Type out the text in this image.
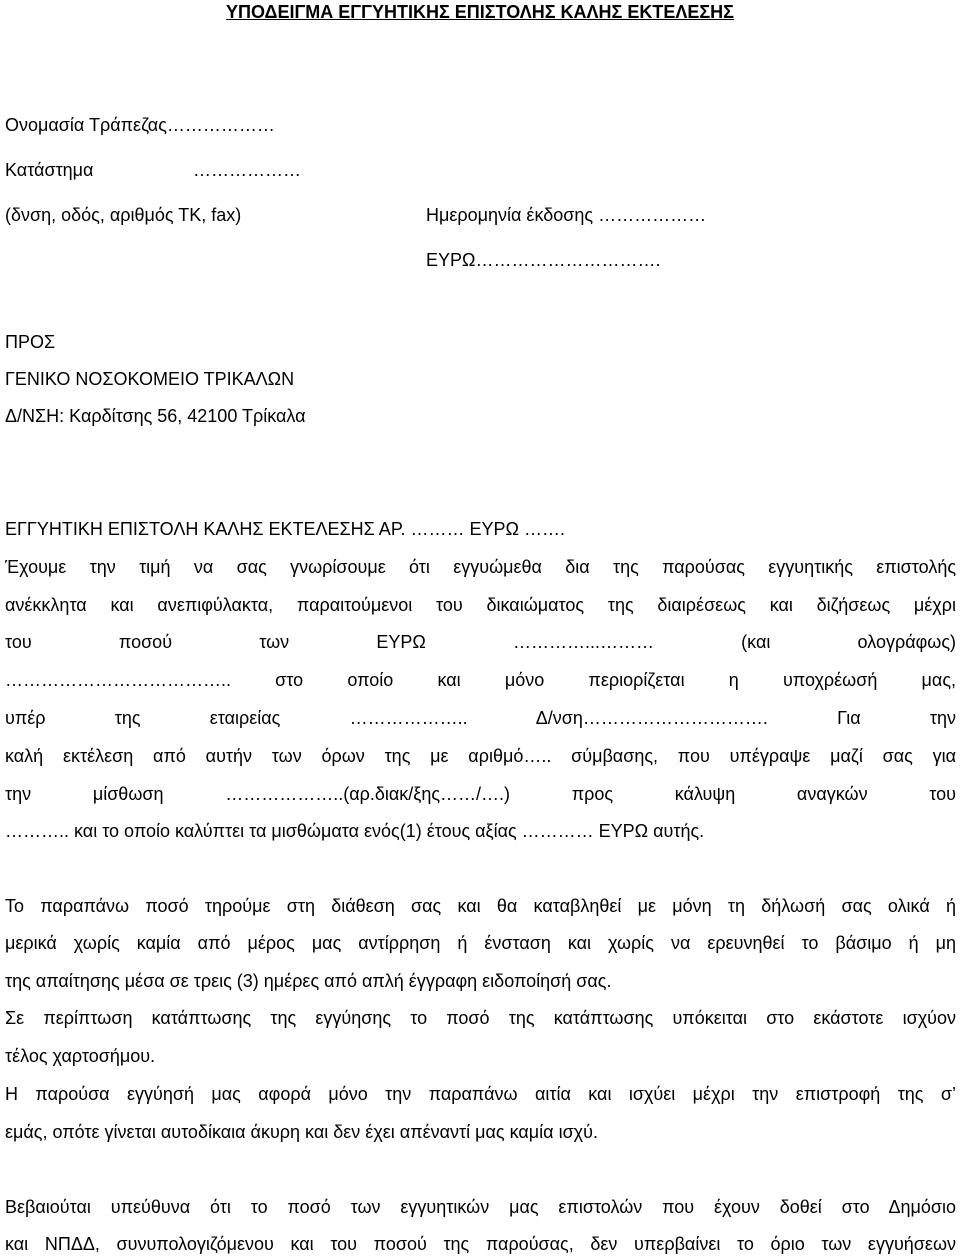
ΥΠΟΔΕΙΓΜΑ ΕΓΓΥΗΤΙΚΗΣ ΕΠΙΣΤΟΛΗΣ ΚΑΛΗΣ ΕΚΤΕΛΕΣΗΣ
Ονομασία Τράπεζας………………
Κατάστημα	………………
(δνση, οδός, αριθμός ΤΚ, fax)	Ημερομηνία έκδοσης ………………
ΕΥΡΩ………………………….
ΠΡΟΣ
ΓΕΝΙΚΟ ΝΟΣΟΚΟΜΕΙΟ ΤΡΙΚΑΛΩΝ
Δ/ΝΣΗ: Καρδίτσης 56, 42100 Τρίκαλα
ΕΓΓΥΗΤΙΚΗ ΕΠΙΣΤΟΛΗ ΚΑΛΗΣ ΕΚΤΕΛΕΣΗΣ ΑΡ. ……… ΕΥΡΩ …….
Έχουμε την τιμή να σας γνωρίσουμε ότι εγγυώμεθα δια της παρούσας εγγυητικής επιστολής
ανέκκλητα και ανεπιφύλακτα, παραιτούμενοι του δικαιώματος της διαιρέσεως και διζήσεως μέχρι
του ποσού των ΕΥΡΩ …………...……… (και ολογράφως)
……………………………….. στο οποίο και μόνο περιορίζεται η υποχρέωσή μας,
υπέρ της εταιρείας ……………….. Δ/νση…………………………. Για την
καλή εκτέλεση από αυτήν των όρων της με αριθμό….. σύμβασης, που υπέγραψε μαζί σας για
την μίσθωση ………………..(αρ.διακ/ξης……/….) προς κάλυψη αναγκών του
……….. και το οποίο καλύπτει τα μισθώματα ενός(1) έτους αξίας ………… ΕΥΡΩ αυτής.
Το παραπάνω ποσό τηρούμε στη διάθεση σας και θα καταβληθεί με μόνη τη δήλωσή σας ολικά ή
μερικά χωρίς καμία από μέρος μας αντίρρηση ή ένσταση και χωρίς να ερευνηθεί το βάσιμο ή μη
της απαίτησης μέσα σε τρεις (3) ημέρες από απλή έγγραφη ειδοποίησή σας.
Σε περίπτωση κατάπτωσης της εγγύησης το ποσό της κατάπτωσης υπόκειται στο εκάστοτε ισχύον
τέλος χαρτοσήμου.
Η παρούσα εγγύησή μας αφορά μόνο την παραπάνω αιτία και ισχύει μέχρι την επιστροφή της σ’
εμάς, οπότε γίνεται αυτοδίκαια άκυρη και δεν έχει απέναντί μας καμία ισχύ.
Βεβαιούται υπεύθυνα ότι το ποσό των εγγυητικών μας επιστολών που έχουν δοθεί στο Δημόσιο
και ΝΠΔΔ, συνυπολογιζόμενου και του ποσού της παρούσας, δεν υπερβαίνει το όριο των εγγυήσεων
